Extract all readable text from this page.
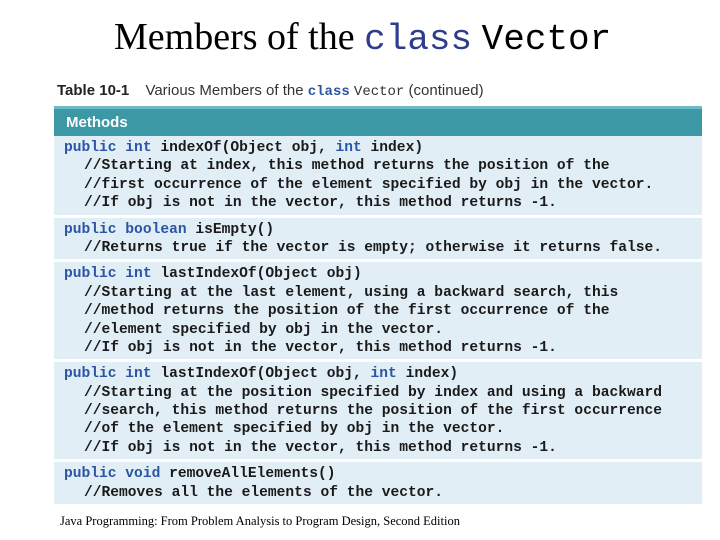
Members of the class Vector
Table 10-1 Various Members of the class Vector (continued)
Methods
public int indexOf(Object obj, int index)
//Starting at index, this method returns the position of the
//first occurrence of the element specified by obj in the vector.
//If obj is not in the vector, this method returns -1.
public boolean isEmpty()
//Returns true if the vector is empty; otherwise it returns false.
public int lastIndexOf(Object obj)
//Starting at the last element, using a backward search, this
//method returns the position of the first occurrence of the
//element specified by obj in the vector.
//If obj is not in the vector, this method returns -1.
public int lastIndexOf(Object obj, int index)
//Starting at the position specified by index and using a backward
//search, this method returns the position of the first occurrence
//of the element specified by obj in the vector.
//If obj is not in the vector, this method returns -1.
public void removeAllElements()
//Removes all the elements of the vector.
Java Programming: From Problem Analysis to Program Design, Second Edition
